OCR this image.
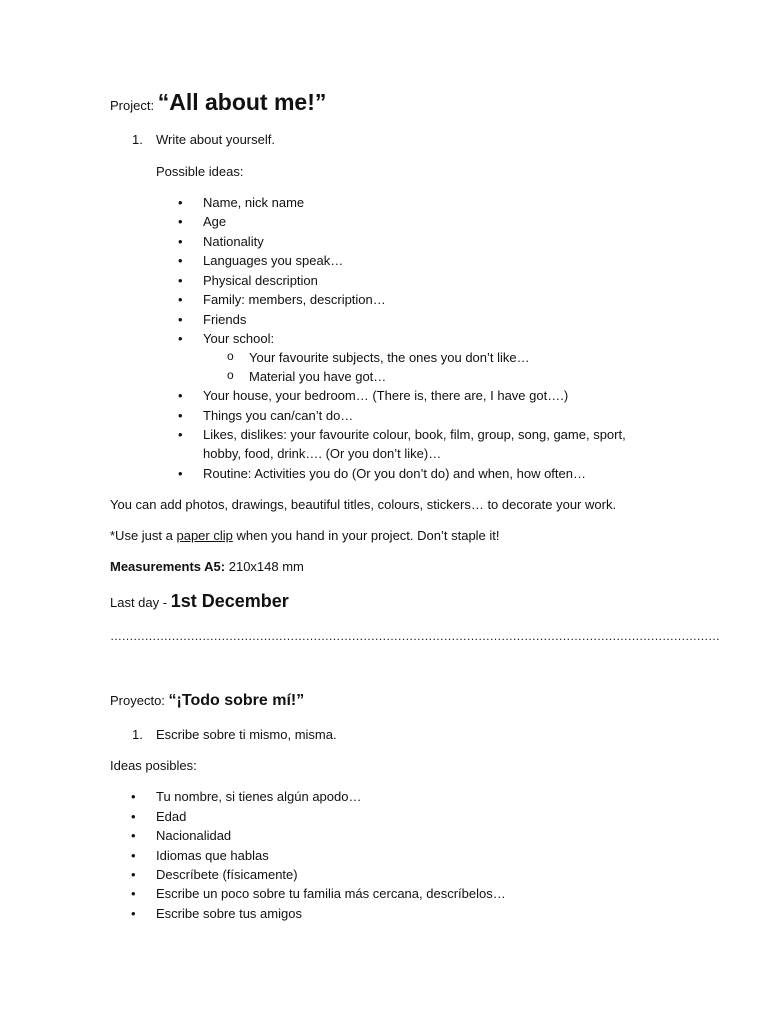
Project: “All about me!”
1. Write about yourself.
Possible ideas:
• Name, nick name
• Age
• Nationality
• Languages you speak…
• Physical description
• Family: members, description…
• Friends
• Your school:
o Your favourite subjects, the ones you don’t like…
o Material you have got…
• Your house, your bedroom… (There is, there are, I have got….)
• Things you can/can’t do…
• Likes, dislikes: your favourite colour, book, film, group, song, game, sport,
hobby, food, drink…. (Or you don’t like)…
• Routine: Activities you do (Or you don’t do) and when, how often…
You can add photos, drawings, beautiful titles, colours, stickers… to decorate your work.
*Use just a paper clip when you hand in your project. Don’t staple it!
Measurements A5: 210x148 mm
Last day - 1st December
……………………………………………………………………………………………………………………………………………
Proyecto: “¡Todo sobre mí!”
1. Escribe sobre ti mismo, misma.
Ideas posibles:
• Tu nombre, si tienes algún apodo…
• Edad
• Nacionalidad
• Idiomas que hablas
• Descríbete (físicamente)
• Escribe un poco sobre tu familia más cercana, descríbelos…
• Escribe sobre tus amigos
